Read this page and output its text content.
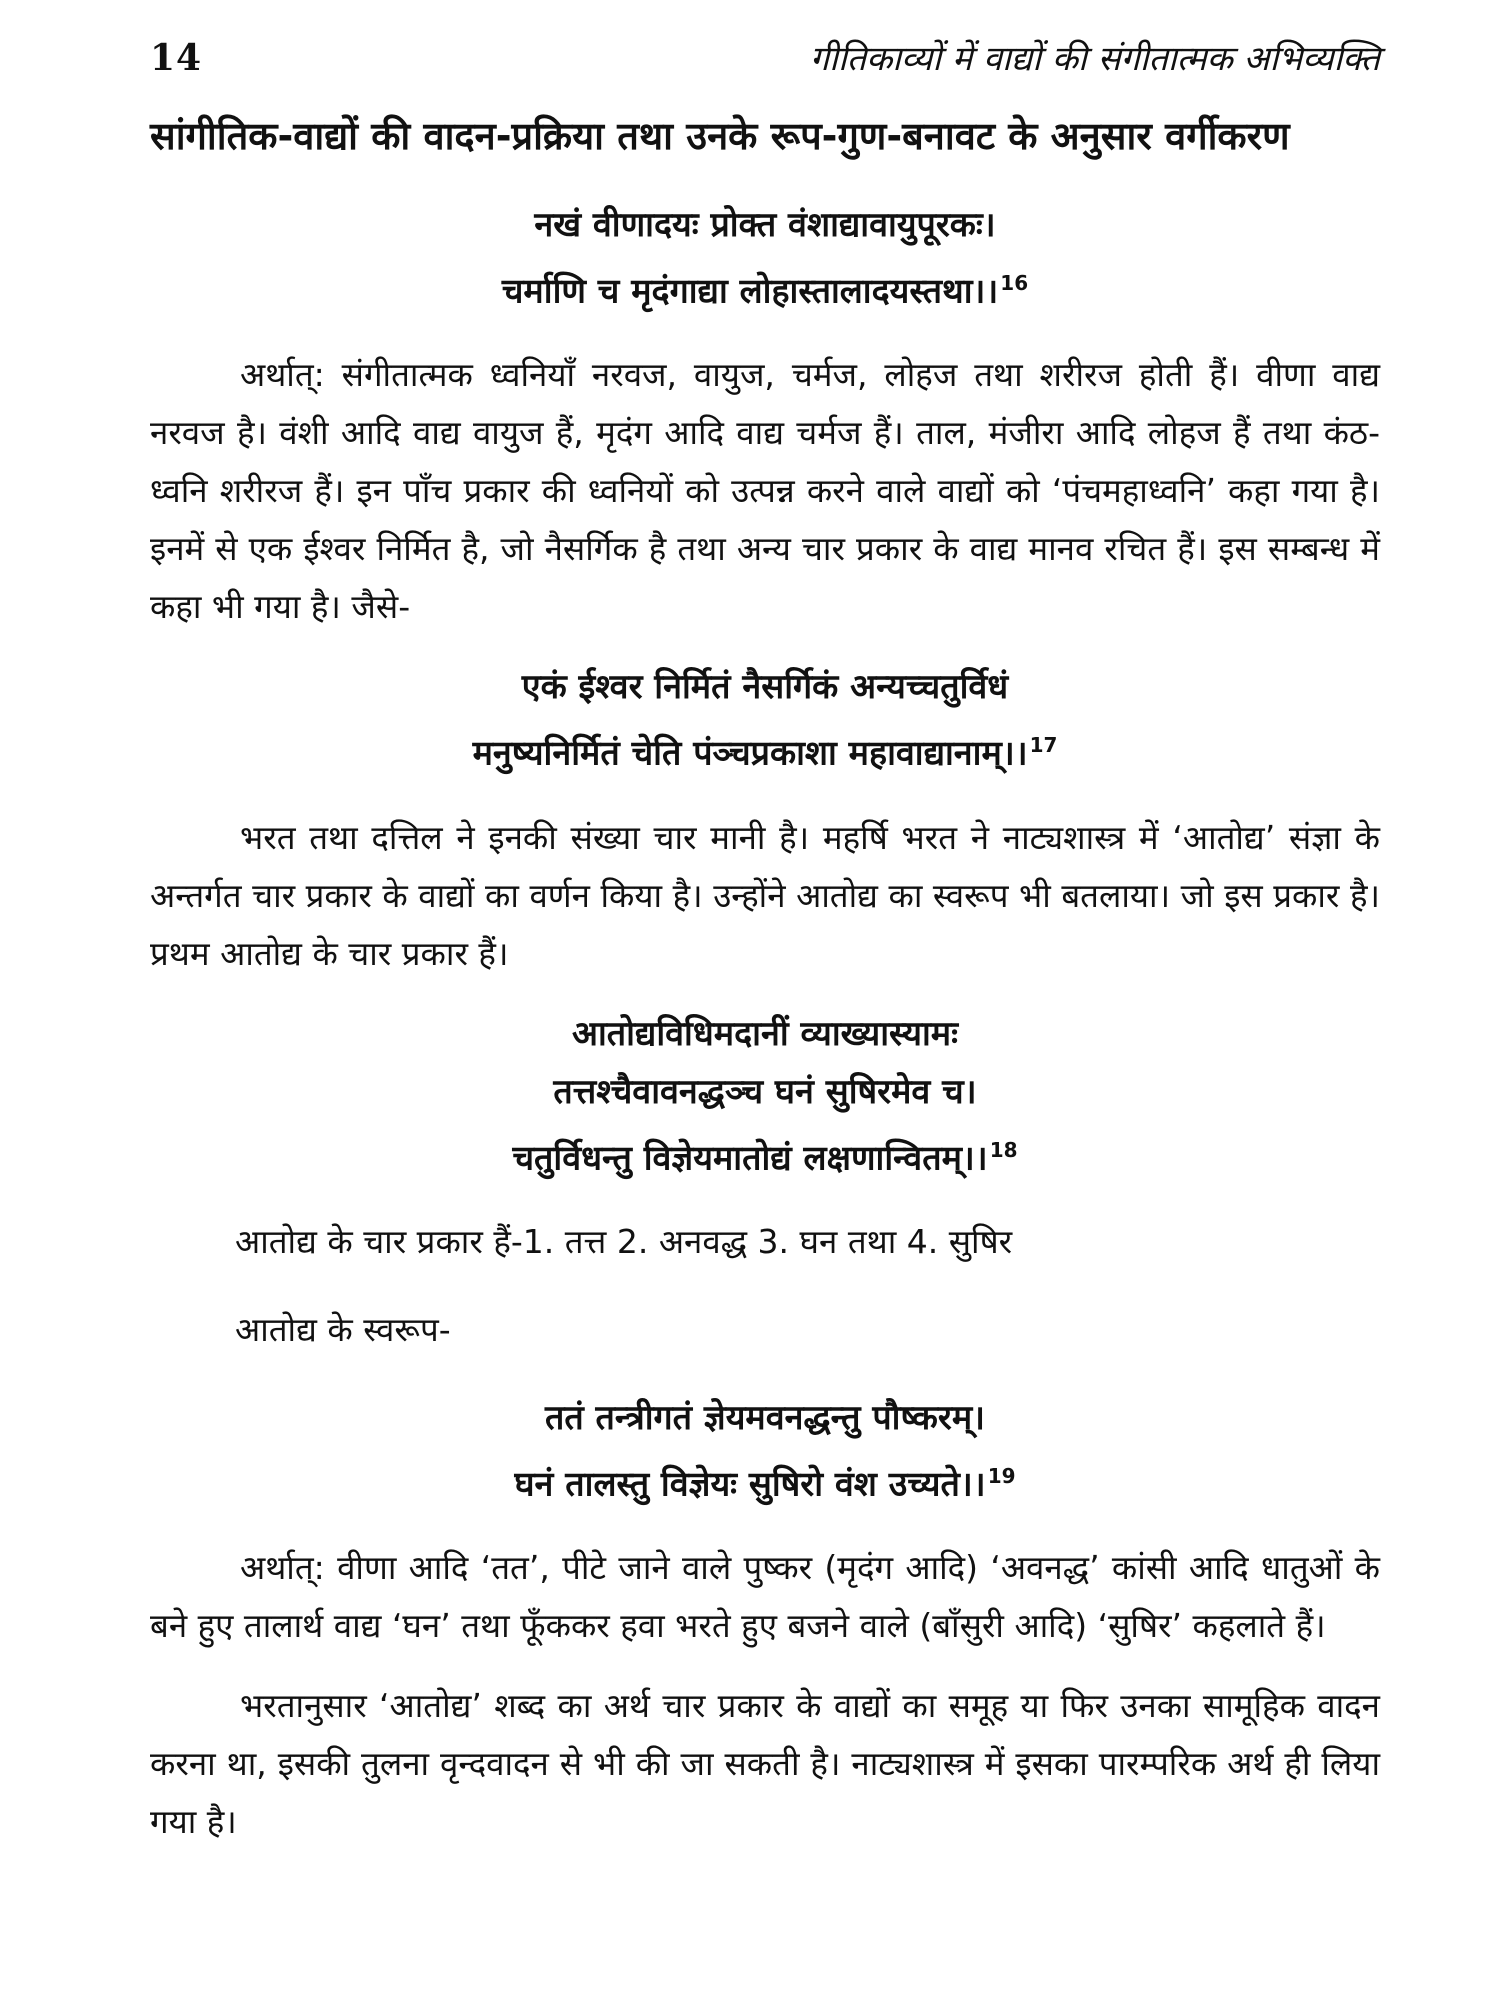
14	गीतिकाव्यों में वाद्यों की संगीतात्मक अभिव्यक्ति
सांगीतिक-वाद्यों की वादन-प्रक्रिया तथा उनके रूप-गुण-बनावट के अनुसार वर्गीकरण
नखं वीणादयः प्रोक्त वंशाद्यावायुपूरकः।
चर्माणि च मृदंगाद्या लोहास्तालादयस्तथा।। $^{16}$

अर्थात्: संगीतात्मक ध्वनियाँ नरवज, वायुज, चर्मज, लोहज तथा शरीरज होती हैं। वीणा वाद्य नरवज है। वंशी आदि वाद्य वायुज हैं, मृदंग आदि वाद्य चर्मज हैं। ताल, मंजीरा आदि लोहज हैं तथा कंठ-ध्वनि शरीरज हैं। इन पाँच प्रकार की ध्वनियों को उत्पन्न करने वाले वाद्यों को ‘पंचमहाध्वनि’ कहा गया है। इनमें से एक ईश्वर निर्मित है, जो नैसर्गिक है तथा अन्य चार प्रकार के वाद्य मानव रचित हैं। इस सम्बन्ध में कहा भी गया है। जैसे-

एकं ईश्वर निर्मितं नैसर्गिकं अन्यच्चतुर्विधं
मनुष्यनिर्मितं चेति पंञ्चप्रकाशा महावाद्यानाम्।। $^{17}$

भरत तथा दत्तिल ने इनकी संख्या चार मानी है। महर्षि भरत ने नाट्यशास्त्र में ‘आतोद्य’ संज्ञा के अन्तर्गत चार प्रकार के वाद्यों का वर्णन किया है। उन्होंने आतोद्य का स्वरूप भी बतलाया। जो इस प्रकार है। प्रथम आतोद्य के चार प्रकार हैं।

आतोद्यविधिमदानीं व्याख्यास्यामः
तत्तश्चैवावनद्धञ्च घनं सुषिरमेव च।
चतुर्विधन्तु विज्ञेयमातोद्यं लक्षणान्वितम्।। $^{18}$

आतोद्य के चार प्रकार हैं-1. तत्त 2. अनवद्ध 3. घन तथा 4. सुषिर

आतोद्य के स्वरूप-

ततं तन्त्रीगतं ज्ञेयमवनद्धन्तु पौष्करम्।
घनं तालस्तु विज्ञेयः सुषिरो वंश उच्यते।। $^{19}$

अर्थात्: वीणा आदि ‘तत’, पीटे जाने वाले पुष्कर (मृदंग आदि) ‘अवनद्ध’ कांसी आदि धातुओं के बने हुए तालार्थ वाद्य ‘घन’ तथा फूँककर हवा भरते हुए बजने वाले (बाँसुरी आदि) ‘सुषिर’ कहलाते हैं।

भरतानुसार ‘आतोद्य’ शब्द का अर्थ चार प्रकार के वाद्यों का समूह या फिर उनका सामूहिक वादन करना था, इसकी तुलना वृन्दवादन से भी की जा सकती है। नाट्यशास्त्र में इसका पारम्परिक अर्थ ही लिया गया है।
